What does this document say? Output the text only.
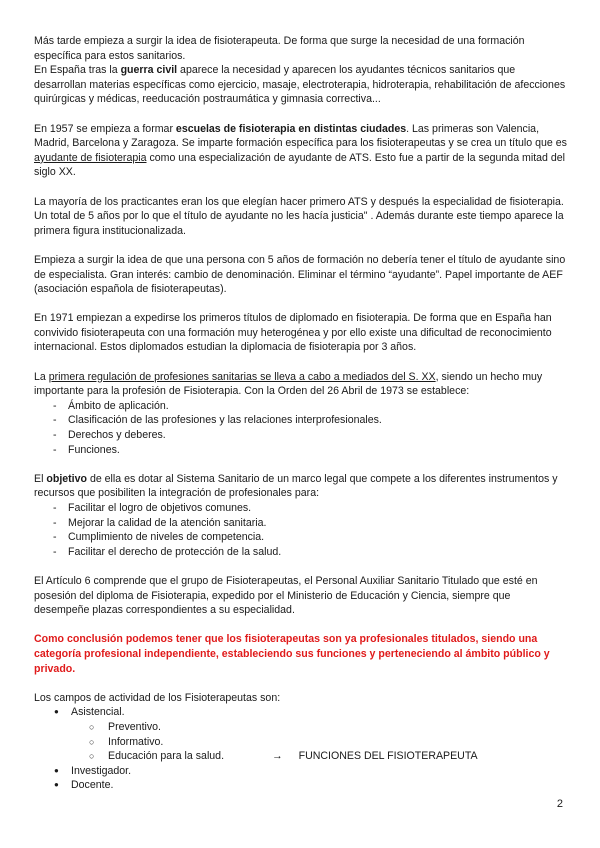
Más tarde empieza a surgir la idea de fisioterapeuta. De forma que surge la necesidad de una formación específica para estos sanitarios.

En España tras la guerra civil aparece la necesidad y aparecen los ayudantes técnicos sanitarios que desarrollan materias específicas como ejercicio, masaje, electroterapia, hidroterapia, rehabilitación de afecciones quirúrgicas y médicas, reeducación postraumática y gimnasia correctiva...

En 1957 se empieza a formar escuelas de fisioterapia en distintas ciudades. Las primeras son Valencia, Madrid, Barcelona y Zaragoza. Se imparte formación específica para los fisioterapeutas y se crea un título que es ayudante de fisioterapia como una especialización de ayudante de ATS. Esto fue a partir de la segunda mitad del siglo XX.

La mayoría de los practicantes eran los que elegían hacer primero ATS y después la especialidad de fisioterapia. Un total de 5 años por lo que el título de ayudante no les hacía justicia" . Además durante este tiempo aparece la primera figura institucionalizada.

Empieza a surgir la idea de que una persona con 5 años de formación no debería tener el título de ayudante sino de especialista. Gran interés: cambio de denominación. Eliminar el término “ayudante”. Papel importante de AEF (asociación española de fisioterapeutas).

En 1971 empiezan a expedirse los primeros títulos de diplomado en fisioterapia. De forma que en España han convivido fisioterapeuta con una formación muy heterogénea y por ello existe una dificultad de reconocimiento internacional. Estos diplomados estudian la diplomacia de fisioterapia por 3 años.

La primera regulación de profesiones sanitarias se lleva a cabo a mediados del S. XX, siendo un hecho muy importante para la profesión de Fisioterapia. Con la Orden del 26 Abril de 1973 se establece:

- Ámbito de aplicación.
- Clasificación de las profesiones y las relaciones interprofesionales.
- Derechos y deberes.
- Funciones.

El objetivo de ella es dotar al Sistema Sanitario de un marco legal que compete a los diferentes instrumentos y recursos que posibiliten la integración de profesionales para:

- Facilitar el logro de objetivos comunes.
- Mejorar la calidad de la atención sanitaria.
- Cumplimiento de niveles de competencia.
- Facilitar el derecho de protección de la salud.

El Artículo 6 comprende que el grupo de Fisioterapeutas, el Personal Auxiliar Sanitario Titulado que esté en posesión del diploma de Fisioterapia, expedido por el Ministerio de Educación y Ciencia, siempre que desempeñe plazas correspondientes a su especialidad.

Como conclusión podemos tener que los fisioterapeutas son ya profesionales titulados, siendo una categoría profesional independiente, estableciendo sus funciones y perteneciendo al ámbito público y privado.

Los campos de actividad de los Fisioterapeutas son:

● Asistencial.
○ Preventivo.
○ Informativo.
○ Educación para la salud.	→ FUNCIONES DEL FISIOTERAPEUTA
● Investigador.
● Docente.
2
